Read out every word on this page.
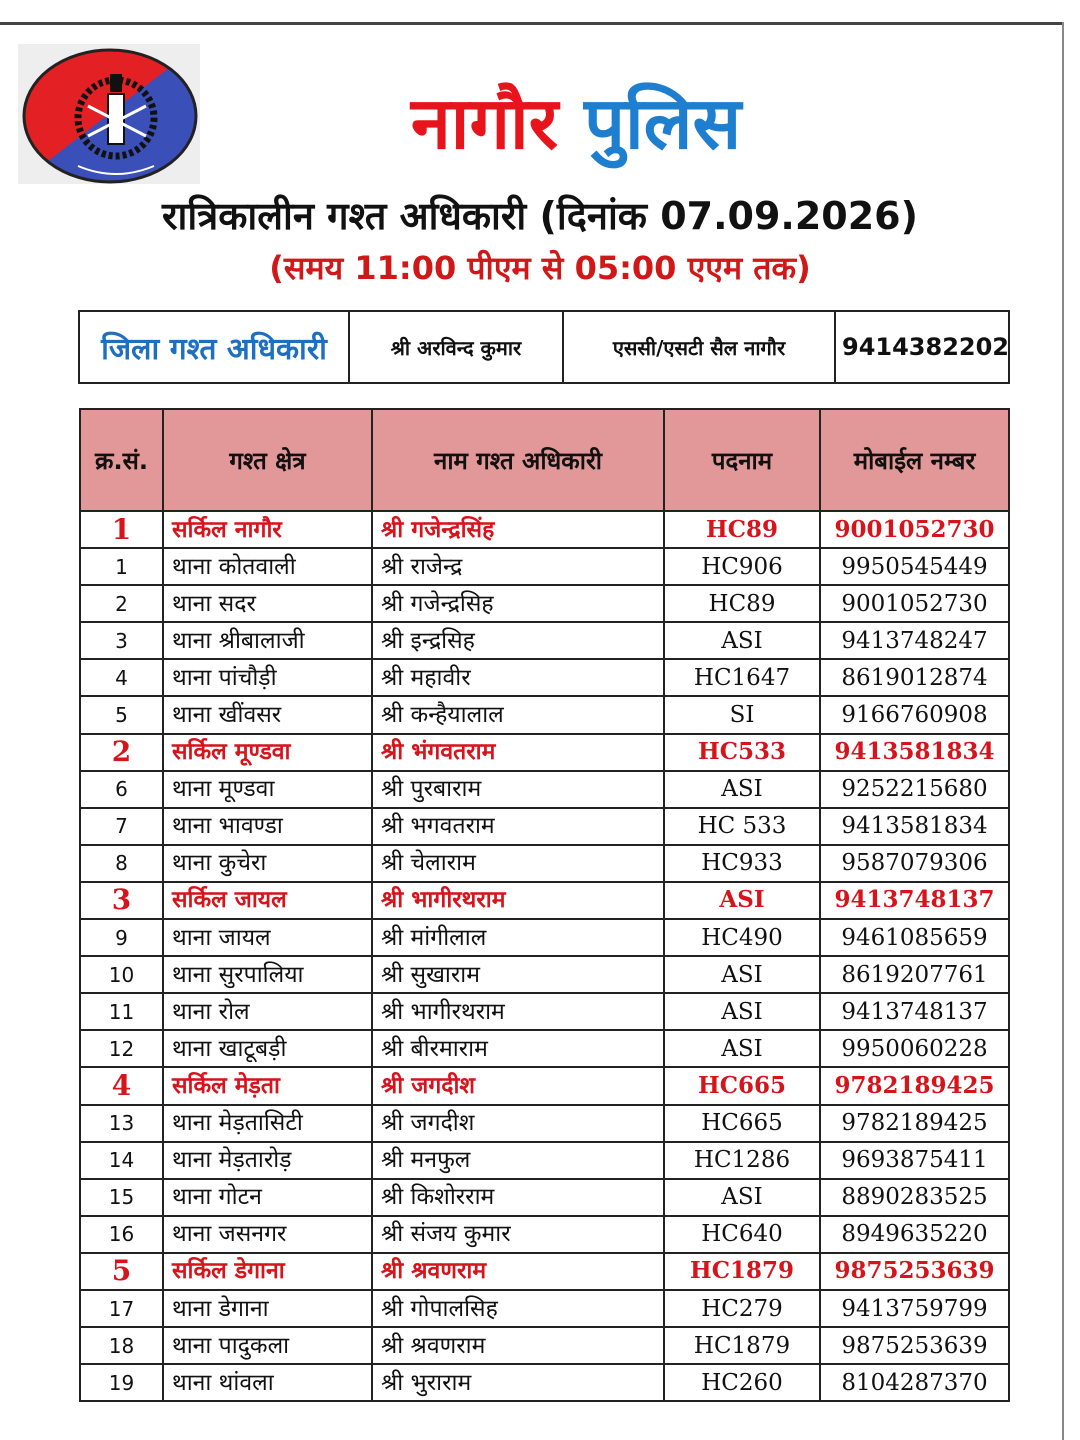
नागौर पुलिस
रात्रिकालीन गश्त अधिकारी (दिनांक 07.09.2026)
(समय 11:00 पीएम से 05:00 एएम तक)
जिला गश्त अधिकारी	श्री अरविन्द कुमार	एससी/एसटी सैल नागौर	9414382202
क्र.सं.	गश्त क्षेत्र	नाम गश्त अधिकारी	पदनाम	मोबाईल नम्बर
1	सर्किल नागौर	श्री गजेन्द्रसिंह	HC89	9001052730
1	थाना कोतवाली	श्री राजेन्द्र	HC906	9950545449
2	थाना सदर	श्री गजेन्द्रसिह	HC89	9001052730
3	थाना श्रीबालाजी	श्री इन्द्रसिह	ASI	9413748247
4	थाना पांचौड़ी	श्री महावीर	HC1647	8619012874
5	थाना खींवसर	श्री कन्हैयालाल	SI	9166760908
2	सर्किल मूण्डवा	श्री भंगवतराम	HC533	9413581834
6	थाना मूण्डवा	श्री पुरबाराम	ASI	9252215680
7	थाना भावण्डा	श्री भगवतराम	HC 533	9413581834
8	थाना कुचेरा	श्री चेलाराम	HC933	9587079306
3	सर्किल जायल	श्री भागीरथराम	ASI	9413748137
9	थाना जायल	श्री मांगीलाल	HC490	9461085659
10	थाना सुरपालिया	श्री सुखाराम	ASI	8619207761
11	थाना रोल	श्री भागीरथराम	ASI	9413748137
12	थाना खाटूबड़ी	श्री बीरमाराम	ASI	9950060228
4	सर्किल मेड़ता	श्री जगदीश	HC665	9782189425
13	थाना मेड़तासिटी	श्री जगदीश	HC665	9782189425
14	थाना मेड़तारोड़	श्री मनफुल	HC1286	9693875411
15	थाना गोटन	श्री किशोरराम	ASI	8890283525
16	थाना जसनगर	श्री संजय कुमार	HC640	8949635220
5	सर्किल डेगाना	श्री श्रवणराम	HC1879	9875253639
17	थाना डेगाना	श्री गोपालसिह	HC279	9413759799
18	थाना पादुकला	श्री श्रवणराम	HC1879	9875253639
19	थाना थांवला	श्री भुराराम	HC260	8104287370
